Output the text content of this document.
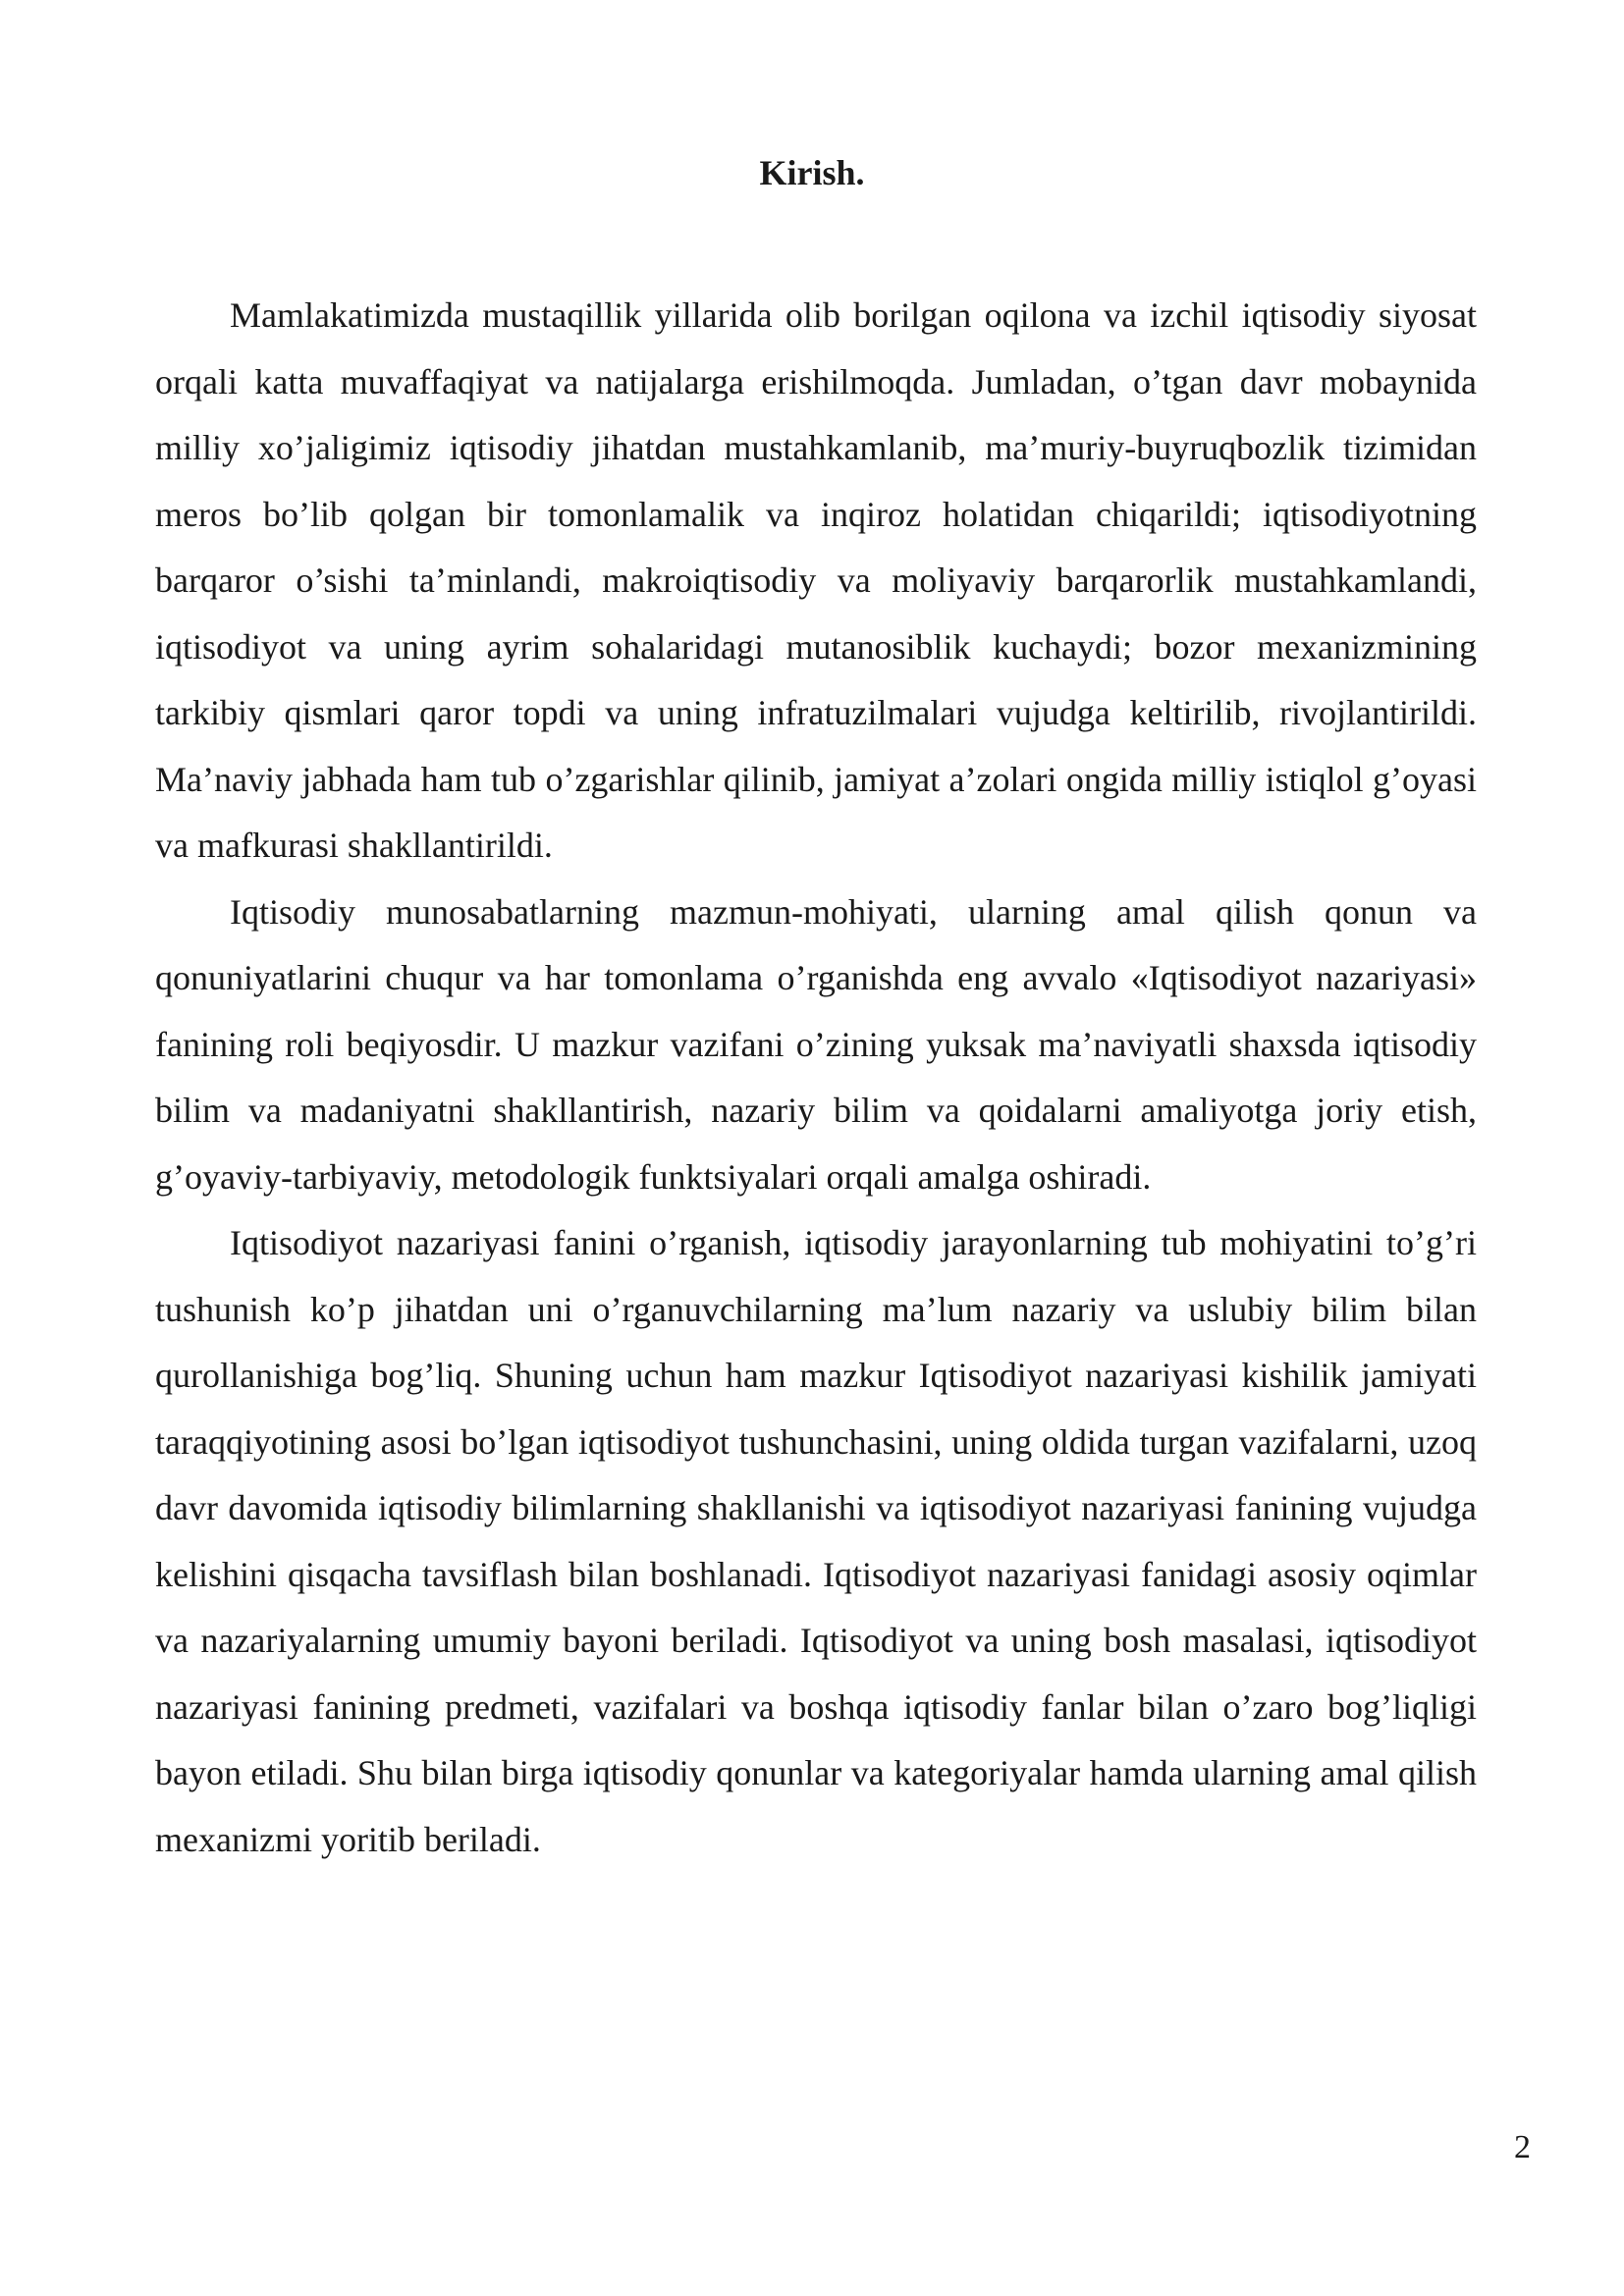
Kirish.

Mamlakatimizda mustaqillik yillarida olib borilgan oqilona va izchil iqtisodiy siyosat orqali katta muvaffaqiyat va natijalarga erishilmoqda. Jumladan, o’tgan davr mobaynida milliy xo’jaligimiz iqtisodiy jihatdan mustahkamlanib, ma’muriy-buyruqbozlik tizimidan meros bo’lib qolgan bir tomonlamalik va inqiroz holatidan chiqarildi; iqtisodiyotning barqaror o’sishi ta’minlandi, makroiqtisodiy va moliyaviy barqarorlik mustahkamlandi, iqtisodiyot va uning ayrim sohalaridagi mutanosiblik kuchaydi; bozor mexanizmining tarkibiy qismlari qaror topdi va uning infratuzilmalari vujudga keltirilib, rivojlantirildi. Ma’naviy jabhada ham tub o’zgarishlar qilinib, jamiyat a’zolari ongida milliy istiqlol g’oyasi va mafkurasi shakllantirildi.

Iqtisodiy munosabatlarning mazmun-mohiyati, ularning amal qilish qonun va qonuniyatlarini chuqur va har tomonlama o’rganishda eng avvalo «Iqtisodiyot nazariyasi» fanining roli beqiyosdir. U mazkur vazifani o’zining yuksak ma’naviyatli shaxsda iqtisodiy bilim va madaniyatni shakllantirish, nazariy bilim va qoidalarni amaliyotga joriy etish, g’oyaviy-tarbiyaviy, metodologik funktsiyalari orqali amalga oshiradi.

Iqtisodiyot nazariyasi fanini o’rganish, iqtisodiy jarayonlarning tub mohiyatini to’g’ri tushunish ko’p jihatdan uni o’rganuvchilarning ma’lum nazariy va uslubiy bilim bilan qurollanishiga bog’liq. Shuning uchun ham mazkur Iqtisodiyot nazariyasi kishilik jamiyati taraqqiyotining asosi bo’lgan iqtisodiyot tushunchasini, uning oldida turgan vazifalarni, uzoq davr davomida iqtisodiy bilimlarning shakllanishi va iqtisodiyot nazariyasi fanining vujudga kelishini qisqacha tavsiflash bilan boshlanadi. Iqtisodiyot nazariyasi fanidagi asosiy oqimlar va nazariyalarning umumiy bayoni beriladi. Iqtisodiyot va uning bosh masalasi, iqtisodiyot nazariyasi fanining predmeti, vazifalari va boshqa iqtisodiy fanlar bilan o’zaro bog’liqligi bayon etiladi. Shu bilan birga iqtisodiy qonunlar va kategoriyalar hamda ularning amal qilish mexanizmi yoritib beriladi.

2
